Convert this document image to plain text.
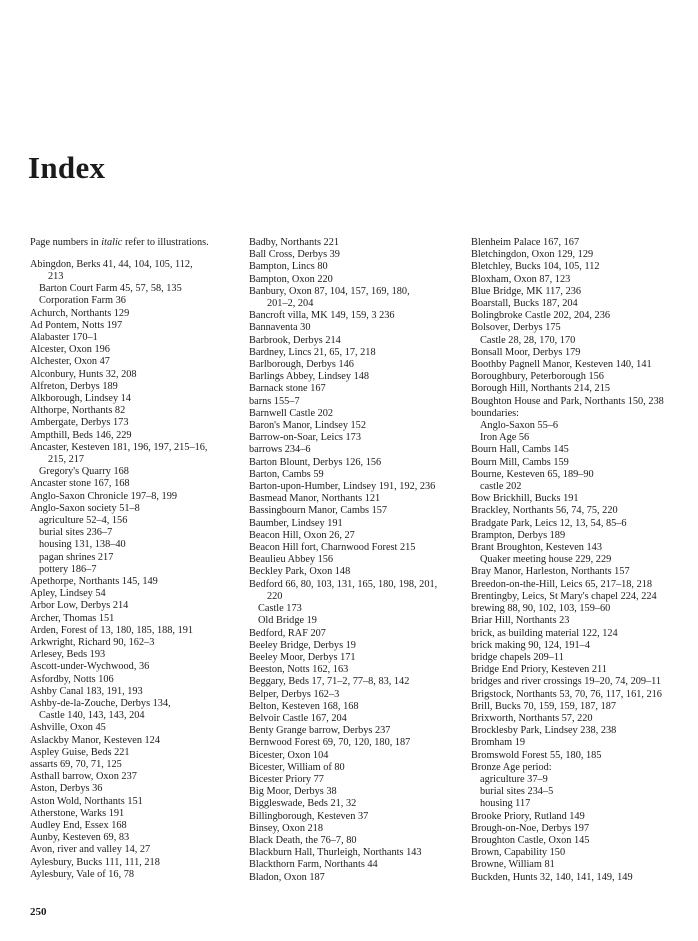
Index
Page numbers in italic refer to illustrations.
Abingdon, Berks 41, 44, 104, 105, 112,
213
Barton Court Farm 45, 57, 58, 135
Corporation Farm 36
Achurch, Northants 129
Ad Pontem, Notts 197
Alabaster 170–1
Alcester, Oxon 196
Alchester, Oxon 47
Alconbury, Hunts 32, 208
Alfreton, Derbys 189
Alkborough, Lindsey 14
Althorpe, Northants 82
Ambergate, Derbys 173
Ampthill, Beds 146, 229
Ancaster, Kesteven 181, 196, 197, 215–16,
215, 217
Gregory's Quarry 168
Ancaster stone 167, 168
Anglo-Saxon Chronicle 197–8, 199
Anglo-Saxon society 51–8
agriculture 52–4, 156
burial sites 236–7
housing 131, 138–40
pagan shrines 217
pottery 186–7
Apethorpe, Northants 145, 149
Apley, Lindsey 54
Arbor Low, Derbys 214
Archer, Thomas 151
Arden, Forest of 13, 180, 185, 188, 191
Arkwright, Richard 90, 162–3
Arlesey, Beds 193
Ascott-under-Wychwood, 36
Asfordby, Notts 106
Ashby Canal 183, 191, 193
Ashby-de-la-Zouche, Derbys 134,
Castle 140, 143, 143, 204
Ashville, Oxon 45
Aslackby Manor, Kesteven 124
Aspley Guise, Beds 221
assarts 69, 70, 71, 125
Asthall barrow, Oxon 237
Aston, Derbys 36
Aston Wold, Northants 151
Atherstone, Warks 191
Audley End, Essex 168
Aunby, Kesteven 69, 83
Avon, river and valley 14, 27
Aylesbury, Bucks 111, 111, 218
Aylesbury, Vale of 16, 78
Badby, Northants 221
Ball Cross, Derbys 39
Bampton, Lincs 80
Bampton, Oxon 220
Banbury, Oxon 87, 104, 157, 169, 180,
201–2, 204
Bancroft villa, MK 149, 159, 3 236
Bannaventa 30
Barbrook, Derbys 214
Bardney, Lincs 21, 65, 17, 218
Barlborough, Derbys 146
Barlings Abbey, Lindsey 148
Barnack stone 167
barns 155–7
Barnwell Castle 202
Baron's Manor, Lindsey 152
Barrow-on-Soar, Leics 173
barrows 234–6
Barton Blount, Derbys 126, 156
Barton, Cambs 59
Barton-upon-Humber, Lindsey 191, 192, 236
Basmead Manor, Northants 121
Bassingbourn Manor, Cambs 157
Baumber, Lindsey 191
Beacon Hill, Oxon 26, 27
Beacon Hill fort, Charnwood Forest 215
Beaulieu Abbey 156
Beckley Park, Oxon 148
Bedford 66, 80, 103, 131, 165, 180, 198, 201,
220
Castle 173
Old Bridge 19
Bedford, RAF 207
Beeley Bridge, Derbys 19
Beeley Moor, Derbys 171
Beeston, Notts 162, 163
Beggary, Beds 17, 71–2, 77–8, 83, 142
Belper, Derbys 162–3
Belton, Kesteven 168, 168
Belvoir Castle 167, 204
Benty Grange barrow, Derbys 237
Bernwood Forest 69, 70, 120, 180, 187
Bicester, Oxon 104
Bicester, William of 80
Bicester Priory 77
Big Moor, Derbys 38
Biggleswade, Beds 21, 32
Billingborough, Kesteven 37
Binsey, Oxon 218
Black Death, the 76–7, 80
Blackburn Hall, Thurleigh, Northants 143
Blackthorn Farm, Northants 44
Bladon, Oxon 187
Blenheim Palace 167, 167
Bletchingdon, Oxon 129, 129
Bletchley, Bucks 104, 105, 112
Bloxham, Oxon 87, 123
Blue Bridge, MK 117, 236
Boarstall, Bucks 187, 204
Bolingbroke Castle 202, 204, 236
Bolsover, Derbys 175
Castle 28, 28, 170, 170
Bonsall Moor, Derbys 179
Boothby Pagnell Manor, Kesteven 140, 141
Boroughbury, Peterborough 156
Borough Hill, Northants 214, 215
Boughton House and Park, Northants 150, 238
boundaries:
Anglo-Saxon 55–6
Iron Age 56
Bourn Hall, Cambs 145
Bourn Mill, Cambs 159
Bourne, Kesteven 65, 189–90
castle 202
Bow Brickhill, Bucks 191
Brackley, Northants 56, 74, 75, 220
Bradgate Park, Leics 12, 13, 54, 85–6
Brampton, Derbys 189
Brant Broughton, Kesteven 143
Quaker meeting house 229, 229
Bray Manor, Harleston, Northants 157
Breedon-on-the-Hill, Leics 65, 217–18, 218
Brentingby, Leics, St Mary's chapel 224, 224
brewing 88, 90, 102, 103, 159–60
Briar Hill, Northants 23
brick, as building material 122, 124
brick making 90, 124, 191–4
bridge chapels 209–11
Bridge End Priory, Kesteven 211
bridges and river crossings 19–20, 74, 209–11
Brigstock, Northants 53, 70, 76, 117, 161, 216
Brill, Bucks 70, 159, 159, 187, 187
Brixworth, Northants 57, 220
Brocklesby Park, Lindsey 238, 238
Bromham 19
Bromswold Forest 55, 180, 185
Bronze Age period:
agriculture 37–9
burial sites 234–5
housing 117
Brooke Priory, Rutland 149
Brough-on-Noe, Derbys 197
Broughton Castle, Oxon 145
Brown, Capability 150
Browne, William 81
Buckden, Hunts 32, 140, 141, 149, 149
250
